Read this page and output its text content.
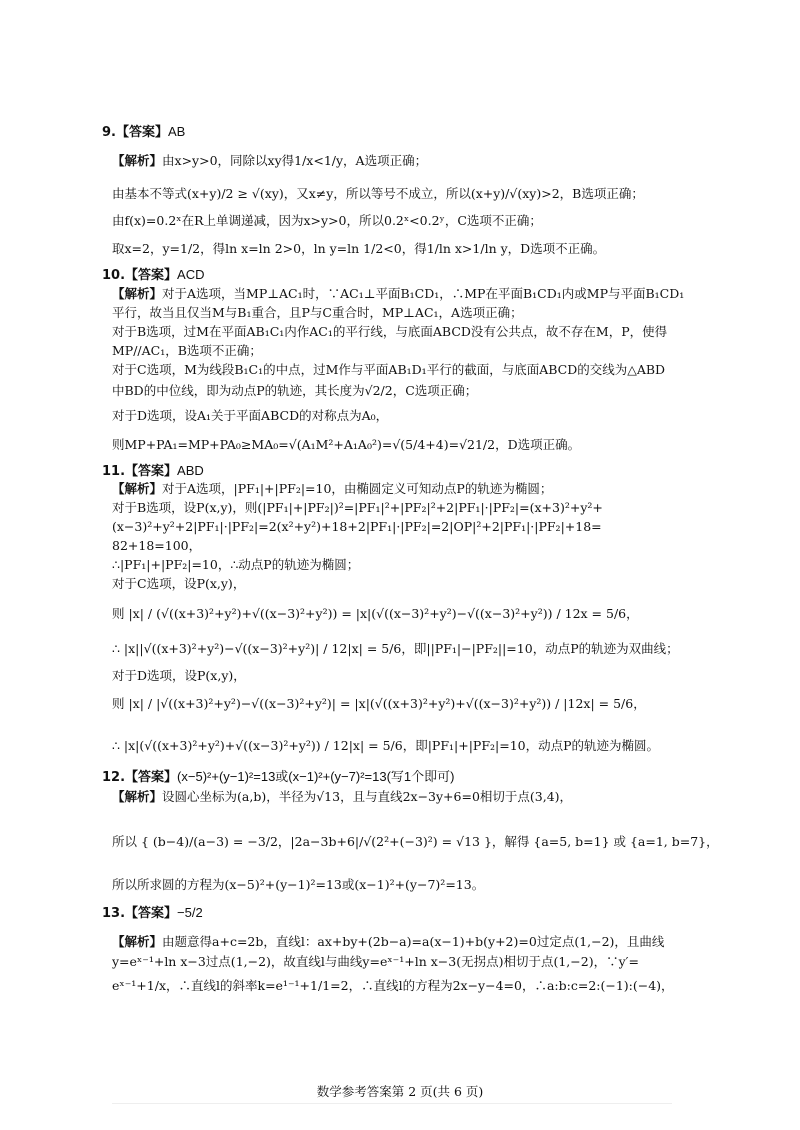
9.【答案】AB
【解析】由x>y>0，同除以xy得1/x<1/y，A选项正确；
由基本不等式(x+y)/2 ≥ √(xy)，又x≠y，所以等号不成立，所以(x+y)/√(xy)>2，B选项正确；
由f(x)=0.2ˣ在R上单调递减，因为x>y>0，所以0.2ˣ<0.2ʸ，C选项不正确；
取x=2，y=1/2，得ln x=ln 2>0，ln y=ln 1/2<0，得1/ln x>1/ln y，D选项不正确。
10.【答案】ACD
【解析】对于A选项，当MP⊥AC₁时，∵AC₁⊥平面B₁CD₁，∴MP在平面B₁CD₁内或MP与平面B₁CD₁
平行，故当且仅当M与B₁重合，且P与C重合时，MP⊥AC₁，A选项正确；
对于B选项，过M在平面AB₁C₁内作AC₁的平行线，与底面ABCD没有公共点，故不存在M，P，使得
MP//AC₁，B选项不正确；
对于C选项，M为线段B₁C₁的中点，过M作与平面AB₁D₁平行的截面，与底面ABCD的交线为△ABD
中BD的中位线，即为动点P的轨迹，其长度为√2/2，C选项正确；
对于D选项，设A₁关于平面ABCD的对称点为A₀，
则MP+PA₁=MP+PA₀≥MA₀=√(A₁M²+A₁A₀²)=√(5/4+4)=√21/2，D选项正确。
11.【答案】ABD
【解析】对于A选项，|PF₁|+|PF₂|=10，由椭圆定义可知动点P的轨迹为椭圆；
对于B选项，设P(x,y)，则(|PF₁|+|PF₂|)²=|PF₁|²+|PF₂|²+2|PF₁|·|PF₂|=(x+3)²+y²+
(x−3)²+y²+2|PF₁|·|PF₂|=2(x²+y²)+18+2|PF₁|·|PF₂|=2|OP|²+2|PF₁|·|PF₂|+18=
82+18=100，
∴|PF₁|+|PF₂|=10，∴动点P的轨迹为椭圆；
对于C选项，设P(x,y)，
则 |x| / (√((x+3)²+y²)+√((x−3)²+y²)) = |x|(√((x−3)²+y²)−√((x−3)²+y²)) / 12x = 5/6，
∴ |x||√((x+3)²+y²)−√((x−3)²+y²)| / 12|x| = 5/6，即||PF₁|−|PF₂||=10，动点P的轨迹为双曲线；
对于D选项，设P(x,y)，
则 |x| / |√((x+3)²+y²)−√((x−3)²+y²)| = |x|(√((x+3)²+y²)+√((x−3)²+y²)) / |12x| = 5/6，
∴ |x|(√((x+3)²+y²)+√((x−3)²+y²)) / 12|x| = 5/6，即|PF₁|+|PF₂|=10，动点P的轨迹为椭圆。
12.【答案】(x−5)²+(y−1)²=13或(x−1)²+(y−7)²=13(写1个即可)
【解析】设圆心坐标为(a,b)，半径为√13，且与直线2x−3y+6=0相切于点(3,4)，
所以 { (b−4)/(a−3) = −3/2，|2a−3b+6|/√(2²+(−3)²) = √13 }，解得 {a=5, b=1} 或 {a=1, b=7}，
所以所求圆的方程为(x−5)²+(y−1)²=13或(x−1)²+(y−7)²=13。
13.【答案】−5/2
【解析】由题意得a+c=2b，直线l：ax+by+(2b−a)=a(x−1)+b(y+2)=0过定点(1,−2)，且曲线
y=eˣ⁻¹+ln x−3过点(1,−2)，故直线l与曲线y=eˣ⁻¹+ln x−3(无拐点)相切于点(1,−2)，∵y′=
eˣ⁻¹+1/x，∴直线l的斜率k=e¹⁻¹+1/1=2，∴直线l的方程为2x−y−4=0，∴a:b:c=2:(−1):(−4)，
数学参考答案第 2 页(共 6 页)
